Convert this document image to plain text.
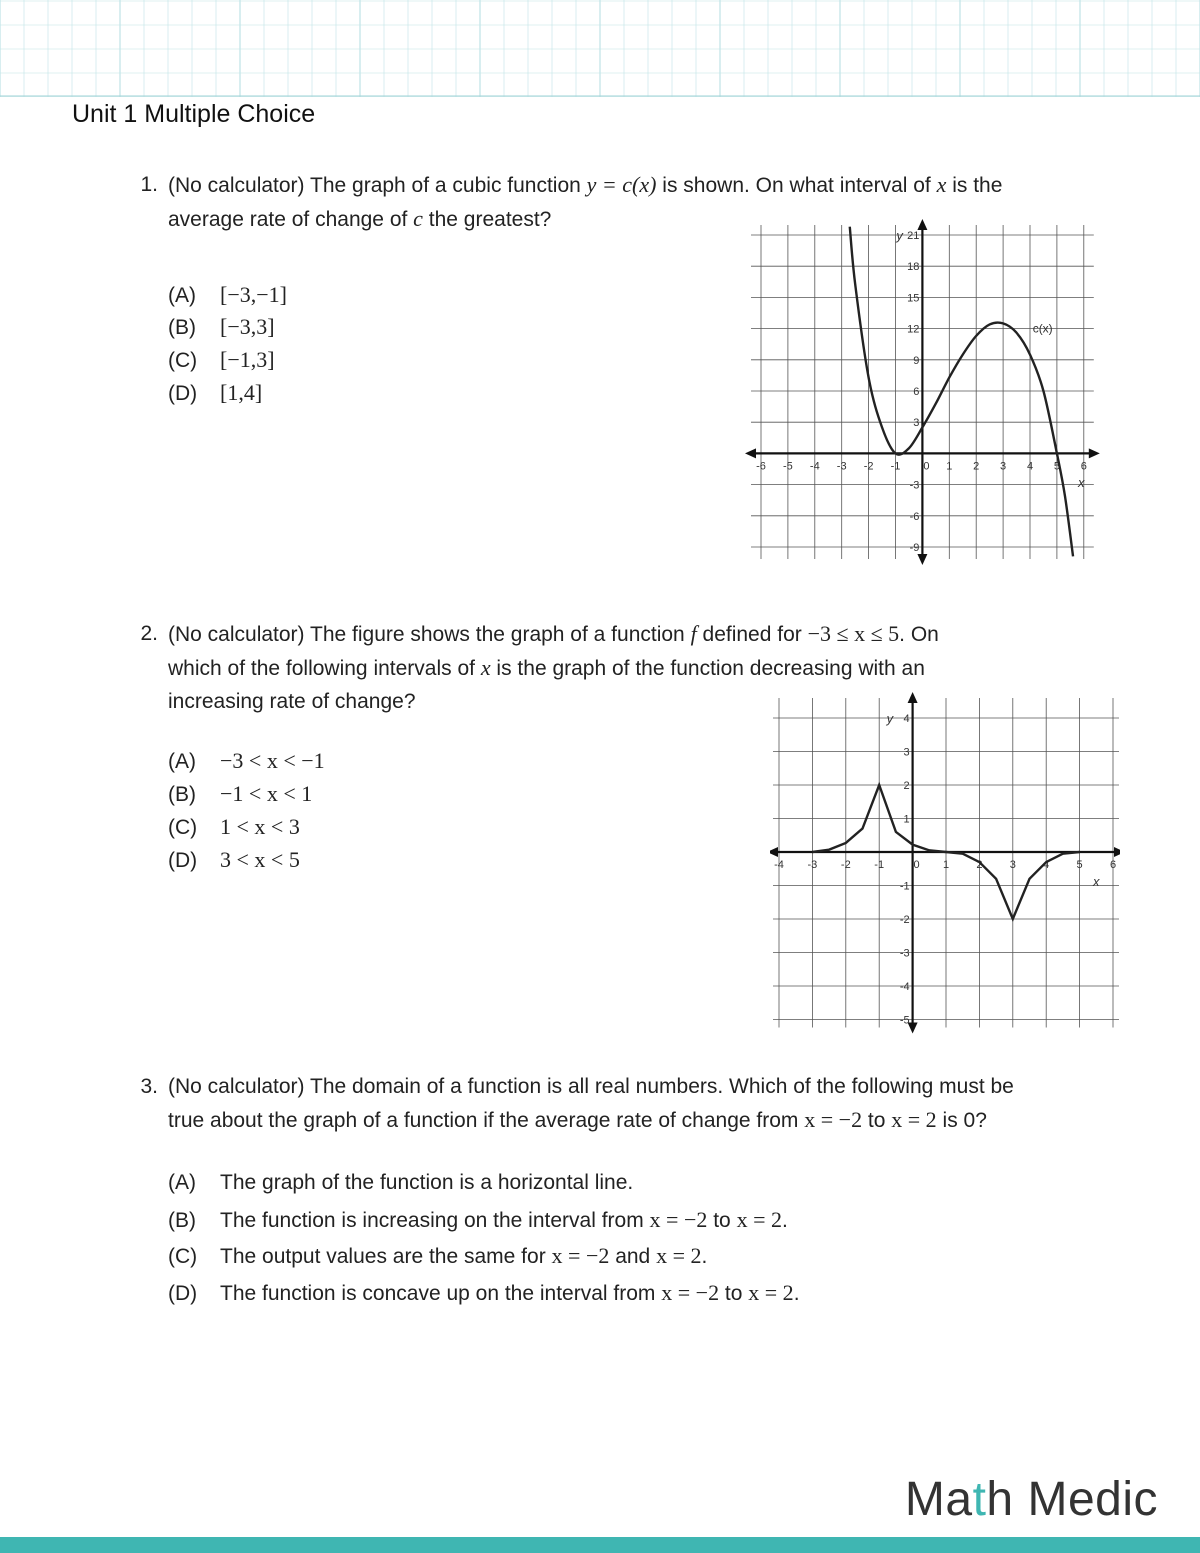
Unit 1 Multiple Choice
1. (No calculator) The graph of a cubic function y = c(x) is shown. On what interval of x is the
average rate of change of c the greatest?
(A) [−3,−1]
(B) [−3,3]
(C) [−1,3]
(D) [1,4]
-6 -5 -4 -3 -2 -1 0 1 2 3 4 5 6
-9
-6
-3
3
6
9
12
15
18
21
x
y
c(x)
2. (No calculator) The figure shows the graph of a function f defined for −3 ≤ x ≤ 5. On
which of the following intervals of x is the graph of the function decreasing with an
increasing rate of change?
(A) −3 < x < −1
(B) −1 < x < 1
(C) 1 < x < 3
(D) 3 < x < 5	-4 -3 -2 -1	0 1 2 3 4 5 6
-5
-4
-3
-2
-1
1
2
3
4
x
y
3. (No calculator) The domain of a function is all real numbers. Which of the following must be
true about the graph of a function if the average rate of change from x = −2 to x = 2 is 0?
(A) The graph of the function is a horizontal line.
(B) The function is increasing on the interval from x = −2 to x = 2.
(C) The output values are the same for x = −2 and x = 2.
(D) The function is concave up on the interval from x = −2 to x = 2.
Math Medic
